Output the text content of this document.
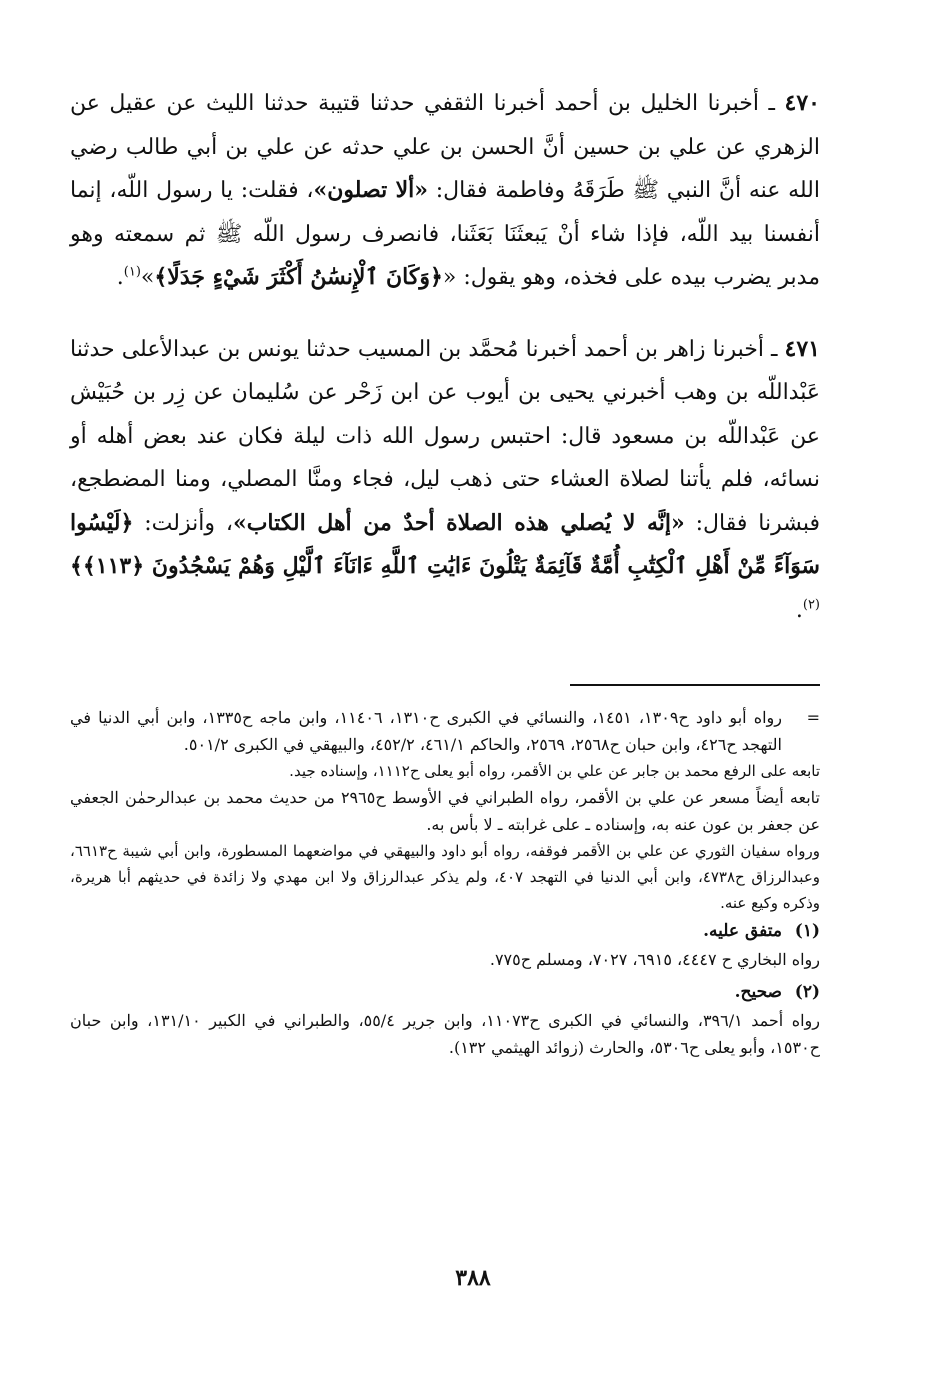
٤٧٠ ـ أخبرنا الخليل بن أحمد أخبرنا الثقفي حدثنا قتيبة حدثنا الليث عن عقيل عن الزهري عن علي بن حسين أنَّ الحسن بن علي حدثه عن علي بن أبي طالب رضي الله عنه أنَّ النبي ﷺ طَرَقَهُ وفاطمة فقال: «ألا تصلون»، فقلت: يا رسول اللّه، إنما أنفسنا بيد اللّه، فإذا شاء أنْ يَبعثَنَا بَعَثَنا، فانصرف رسول اللّه ﷺ ثم سمعته وهو مدبر يضرب بيده على فخذه، وهو يقول: «﴿وَكَانَ ٱلْإِنسَٰنُ أَكْثَرَ شَيْءٍ جَدَلًا﴾»$^{(١)}$.

٤٧١ ـ أخبرنا زاهر بن أحمد أخبرنا مُحمَّد بن المسيب حدثنا يونس بن عبدالأعلى حدثنا عَبْداللّه بن وهب أخبرني يحيى بن أيوب عن ابن زَحْر عن سُليمان عن زِر بن حُبَيْش عن عَبْداللّه بن مسعود قال: احتبس رسول الله ذات ليلة فكان عند بعض أهله أو نسائه، فلم يأتنا لصلاة العشاء حتى ذهب ليل، فجاء ومنَّا المصلي، ومنا المضطجع، فبشرنا فقال: «إنَّه لا يُصلي هذه الصلاة أحدٌ من أهل الكتاب»، وأنزلت: ﴿لَيْسُوا سَوَآءً مِّنْ أَهْلِ ٱلْكِتَٰبِ أُمَّةٌ قَآئِمَةٌ يَتْلُونَ ءَايَٰتِ ٱللَّهِ ءَانَآءَ ٱلَّيْلِ وَهُمْ يَسْجُدُونَ ﴿١١٣﴾﴾$^{(٢)}$.

=
رواه أبو داود ح١٣٠٩، ١٤٥١، والنسائي في الكبرى ح١٣١٠، ١١٤٠٦، وابن ماجه ح١٣٣٥، وابن أبي الدنيا في التهجد ح٤٢٦، وابن حبان ح٢٥٦٨، ٢٥٦٩، والحاكم ٤٦١/١، ٤٥٢/٢، والبيهقي في الكبرى ٥٠١/٢.

تابعه على الرفع محمد بن جابر عن علي بن الأقمر، رواه أبو يعلى ح١١١٢، وإسناده جيد.

تابعه أيضاً مسعر عن علي بن الأقمر، رواه الطبراني في الأوسط ح٢٩٦٥ من حديث محمد بن عبدالرحمٰن الجعفي عن جعفر بن عون عنه به، وإسناده ـ على غرابته ـ لا بأس به.

ورواه سفيان الثوري عن علي بن الأقمر فوقفه، رواه أبو داود والبيهقي في مواضعهما المسطورة، وابن أبي شيبة ح٦٦١٣، وعبدالرزاق ح٤٧٣٨، وابن أبي الدنيا في التهجد ٤٠٧، ولم يذكر عبدالرزاق ولا ابن مهدي ولا زائدة في حديثهم أبا هريرة، وذكره وكيع عنه.

(١)
متفق عليه.

رواه البخاري ح ٤٤٤٧، ٦٩١٥، ٧٠٢٧، ومسلم ح٧٧٥.

(٢)
صحيح.

رواه أحمد ٣٩٦/١، والنسائي في الكبرى ح١١٠٧٣، وابن جرير ٥٥/٤، والطبراني في الكبير ١٣١/١٠، وابن حبان ح١٥٣٠، وأبو يعلى ح٥٣٠٦، والحارث (زوائد الهيثمي ١٣٢).

٣٨٨
